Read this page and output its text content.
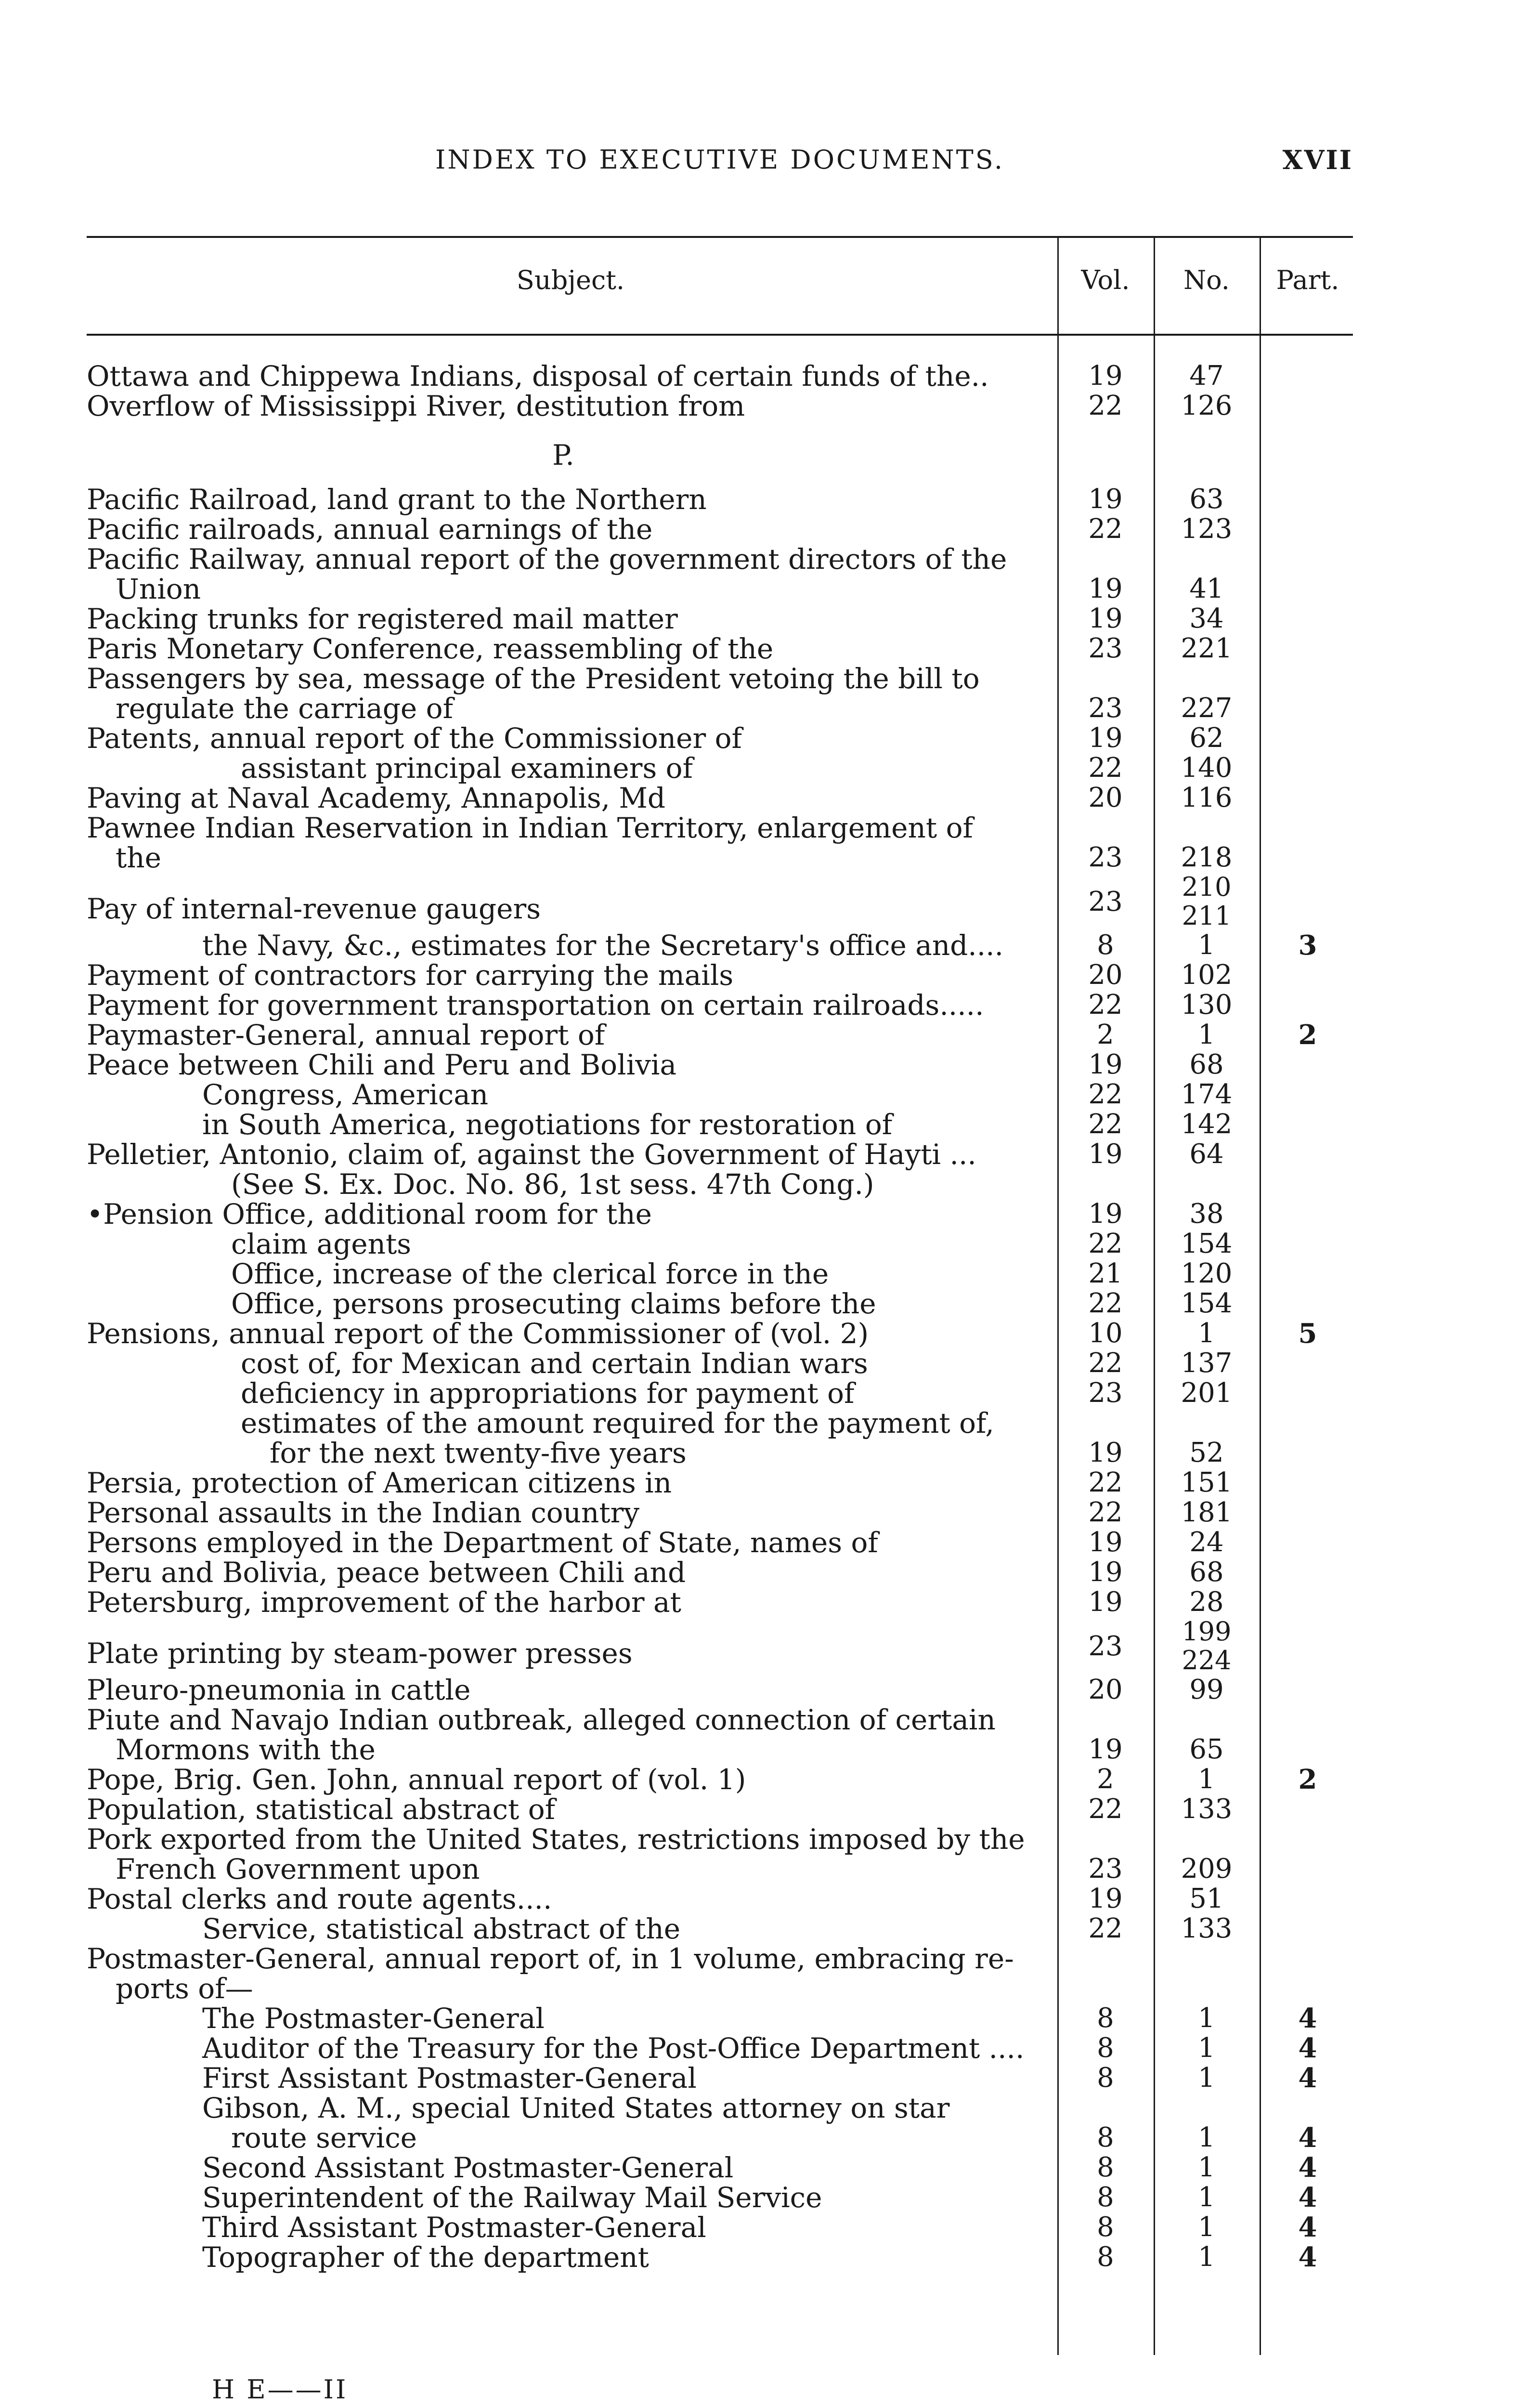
INDEX TO EXECUTIVE DOCUMENTS.	XVII
Subject.	Vol.	No.	Part.
Ottawa and Chippewa Indians, disposal of certain funds of the..	19	47
Overflow of Mississippi River, destitution from	22	126
P.
Pacific Railroad, land grant to the Northern	19	63
Pacific railroads, annual earnings of the	22	123
Pacific Railway, annual report of the government directors of the
Union	19	41
Packing trunks for registered mail matter	19	34
Paris Monetary Conference, reassembling of the	23	221
Passengers by sea, message of the President vetoing the bill to
regulate the carriage of	23	227
Patents, annual report of the Commissioner of	19	62
assistant principal examiners of	22	140
Paving at Naval Academy, Annapolis, Md	20	116
Pawnee Indian Reservation in Indian Territory, enlargement of
the	23	218
Pay of internal-revenue gaugers	23	210
211
the Navy, &c., estimates for the Secretary's office and....	8	1	3
Payment of contractors for carrying the mails	20	102
Payment for government transportation on certain railroads.....	22	130
Paymaster-General, annual report of	2	1	2
Peace between Chili and Peru and Bolivia	19	68
Congress, American	22	174
in South America, negotiations for restoration of	22	142
Pelletier, Antonio, claim of, against the Government of Hayti ...	19	64
(See S. Ex. Doc. No. 86, 1st sess. 47th Cong.)
•Pension Office, additional room for the	19	38
claim agents	22	154
Office, increase of the clerical force in the	21	120
Office, persons prosecuting claims before the	22	154
Pensions, annual report of the Commissioner of (vol. 2)	10	1	5
cost of, for Mexican and certain Indian wars	22	137
deficiency in appropriations for payment of	23	201
estimates of the amount required for the payment of,
for the next twenty-five years	19	52
Persia, protection of American citizens in	22	151
Personal assaults in the Indian country	22	181
Persons employed in the Department of State, names of	19	24
Peru and Bolivia, peace between Chili and	19	68
Petersburg, improvement of the harbor at	19	28
Plate printing by steam-power presses	23	199
224
Pleuro-pneumonia in cattle	20	99
Piute and Navajo Indian outbreak, alleged connection of certain
Mormons with the	19	65
Pope, Brig. Gen. John, annual report of (vol. 1)	2	1	2
Population, statistical abstract of	22	133
Pork exported from the United States, restrictions imposed by the
French Government upon	23	209
Postal clerks and route agents....	19	51
Service, statistical abstract of the	22	133
Postmaster-General, annual report of, in 1 volume, embracing re-
ports of—
The Postmaster-General	8	1	4
Auditor of the Treasury for the Post-Office Department ....	8	1	4
First Assistant Postmaster-General	8	1	4
Gibson, A. M., special United States attorney on star
route service	8	1	4
Second Assistant Postmaster-General	8	1	4
Superintendent of the Railway Mail Service	8	1	4
Third Assistant Postmaster-General	8	1	4
Topographer of the department	8	1	4
H E——II
